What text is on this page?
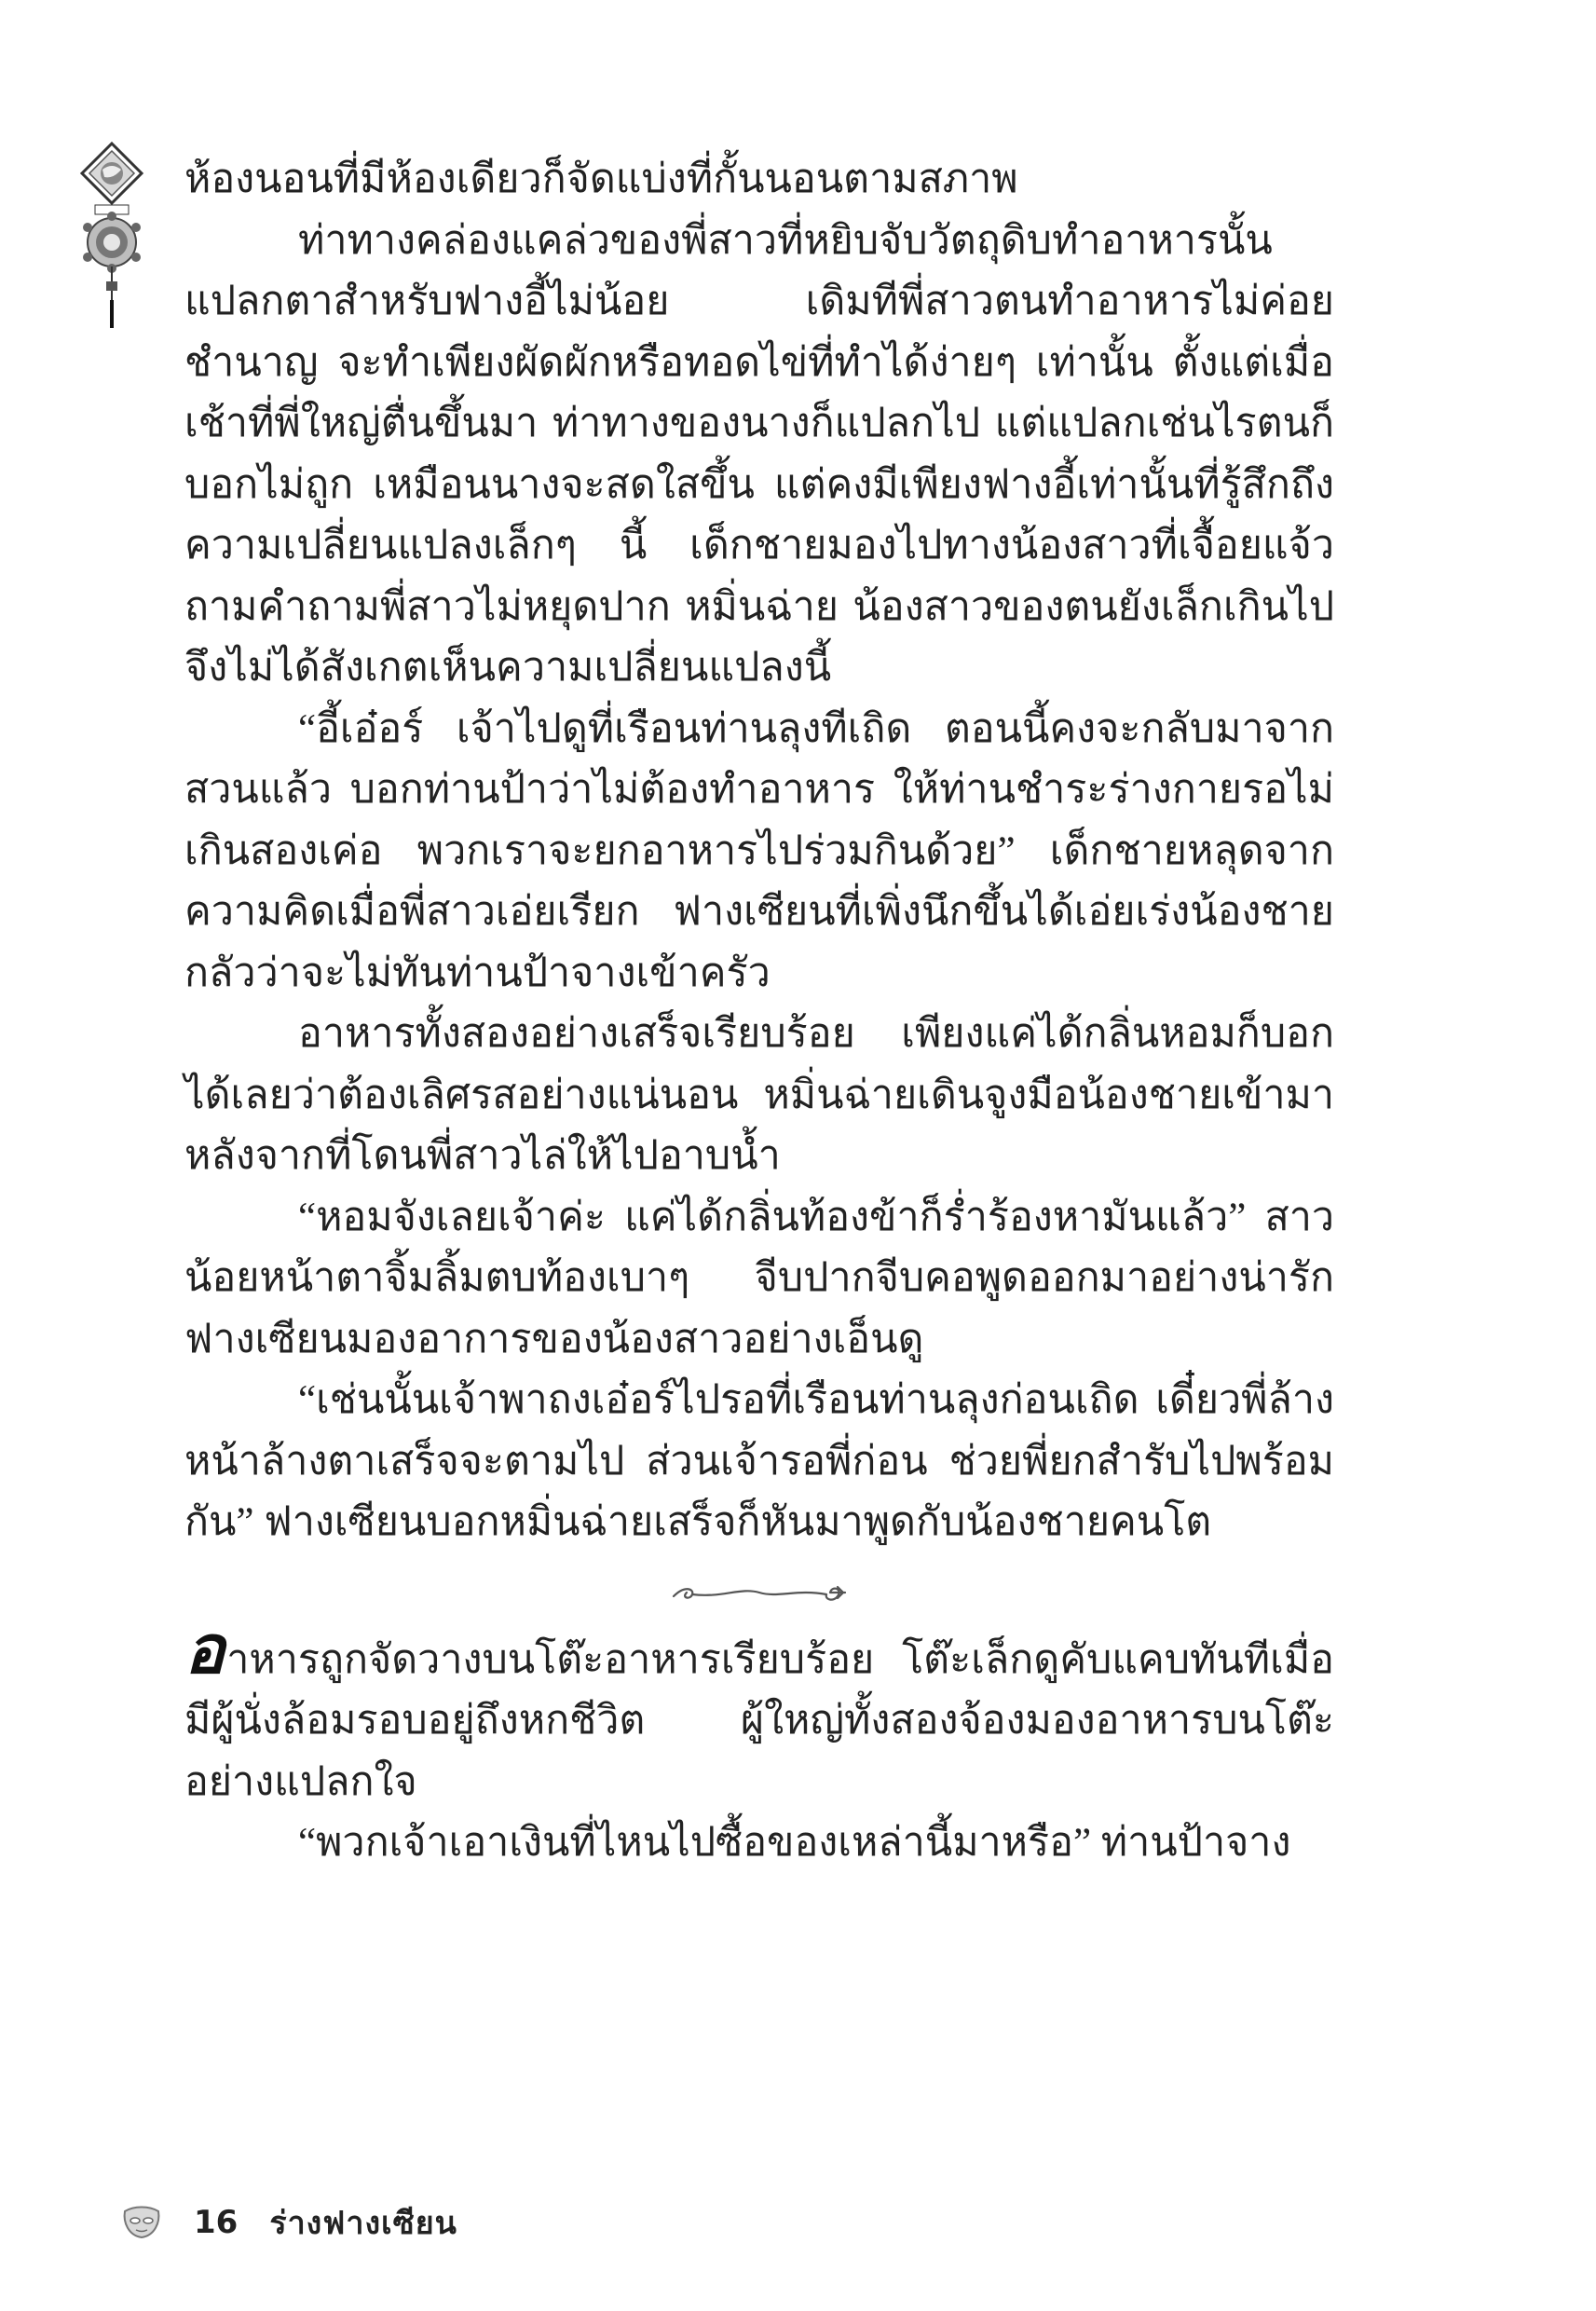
ห้องนอนที่มีห้องเดียวก็จัดแบ่งที่กั้นนอนตามสภาพ

ท่าทางคล่องแคล่วของพี่สาวที่หยิบจับวัตถุดิบทำอาหารนั้นแปลกตาสำหรับฟางอี้ไม่น้อย เดิมทีพี่สาวตนทำอาหารไม่ค่อยชำนาญ จะทำเพียงผัดผักหรือทอดไข่ที่ทำได้ง่ายๆ เท่านั้น ตั้งแต่เมื่อเช้าที่พี่ใหญ่ตื่นขึ้นมา ท่าทางของนางก็แปลกไป แต่แปลกเช่นไรตนก็บอกไม่ถูก เหมือนนางจะสดใสขึ้น แต่คงมีเพียงฟางอี้เท่านั้นที่รู้สึกถึงความเปลี่ยนแปลงเล็กๆ นี้ เด็กชายมองไปทางน้องสาวที่เจื้อยแจ้วถามคำถามพี่สาวไม่หยุดปาก หมิ่นฉ่าย น้องสาวของตนยังเล็กเกินไป จึงไม่ได้สังเกตเห็นความเปลี่ยนแปลงนี้

“อี้เอ๋อร์ เจ้าไปดูที่เรือนท่านลุงทีเถิด ตอนนี้คงจะกลับมาจากสวนแล้ว บอกท่านป้าว่าไม่ต้องทำอาหาร ให้ท่านชำระร่างกายรอไม่เกินสองเค่อ พวกเราจะยกอาหารไปร่วมกินด้วย” เด็กชายหลุดจากความคิดเมื่อพี่สาวเอ่ยเรียก ฟางเซียนที่เพิ่งนึกขึ้นได้เอ่ยเร่งน้องชาย กลัวว่าจะไม่ทันท่านป้าจางเข้าครัว

อาหารทั้งสองอย่างเสร็จเรียบร้อย เพียงแค่ได้กลิ่นหอมก็บอกได้เลยว่าต้องเลิศรสอย่างแน่นอน หมิ่นฉ่ายเดินจูงมือน้องชายเข้ามาหลังจากที่โดนพี่สาวไล่ให้ไปอาบน้ำ

“หอมจังเลยเจ้าค่ะ แค่ได้กลิ่นท้องข้าก็ร่ำร้องหามันแล้ว” สาวน้อยหน้าตาจิ้มลิ้มตบท้องเบาๆ จีบปากจีบคอพูดออกมาอย่างน่ารัก ฟางเซียนมองอาการของน้องสาวอย่างเอ็นดู

“เช่นนั้นเจ้าพาถงเอ๋อร์ไปรอที่เรือนท่านลุงก่อนเถิด เดี๋ยวพี่ล้างหน้าล้างตาเสร็จจะตามไป ส่วนเจ้ารอพี่ก่อน ช่วยพี่ยกสำรับไปพร้อมกัน” ฟางเซียนบอกหมิ่นฉ่ายเสร็จก็หันมาพูดกับน้องชายคนโต

อาหารถูกจัดวางบนโต๊ะอาหารเรียบร้อย โต๊ะเล็กดูคับแคบทันทีเมื่อมีผู้นั่งล้อมรอบอยู่ถึงหกชีวิต ผู้ใหญ่ทั้งสองจ้องมองอาหารบนโต๊ะอย่างแปลกใจ

“พวกเจ้าเอาเงินที่ไหนไปซื้อของเหล่านี้มาหรือ” ท่านป้าจาง

16 ร่างฟางเซียน
